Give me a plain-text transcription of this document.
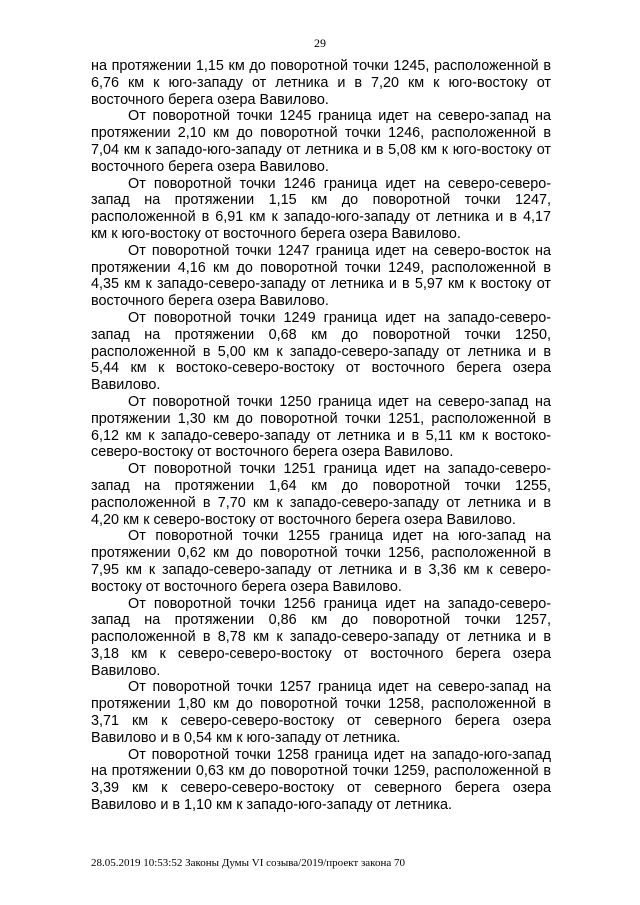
29

на протяжении 1,15 км до поворотной точки 1245, расположенной в 6,76 км к юго-западу от летника и в 7,20 км к юго-востоку от восточного берега озера Вавилово.

От поворотной точки 1245 граница идет на северо-запад на протяжении 2,10 км до поворотной точки 1246, расположенной в 7,04 км к западо-юго-западу от летника и в 5,08 км к юго-востоку от восточного берега озера Вавилово.

От поворотной точки 1246 граница идет на северо-северо-запад на протяжении 1,15 км до поворотной точки 1247, расположенной в 6,91 км к западо-юго-западу от летника и в 4,17 км к юго-востоку от восточного берега озера Вавилово.

От поворотной точки 1247 граница идет на северо-восток на протяжении 4,16 км до поворотной точки 1249, расположенной в 4,35 км к западо-северо-западу от летника и в 5,97 км к востоку от восточного берега озера Вавилово.

От поворотной точки 1249 граница идет на западо-северо-запад на протяжении 0,68 км до поворотной точки 1250, расположенной в 5,00 км к западо-северо-западу от летника и в 5,44 км к востоко-северо-востоку от восточного берега озера Вавилово.

От поворотной точки 1250 граница идет на северо-запад на протяжении 1,30 км до поворотной точки 1251, расположенной в 6,12 км к западо-северо-западу от летника и в 5,11 км к востоко-северо-востоку от восточного берега озера Вавилово.

От поворотной точки 1251 граница идет на западо-северо-запад на протяжении 1,64 км до поворотной точки 1255, расположенной в 7,70 км к западо-северо-западу от летника и в 4,20 км к северо-востоку от восточного берега озера Вавилово.

От поворотной точки 1255 граница идет на юго-запад на протяжении 0,62 км до поворотной точки 1256, расположенной в 7,95 км к западо-северо-западу от летника и в 3,36 км к северо-востоку от восточного берега озера Вавилово.

От поворотной точки 1256 граница идет на западо-северо-запад на протяжении 0,86 км до поворотной точки 1257, расположенной в 8,78 км к западо-северо-западу от летника и в 3,18 км к северо-северо-востоку от восточного берега озера Вавилово.

От поворотной точки 1257 граница идет на северо-запад на протяжении 1,80 км до поворотной точки 1258, расположенной в 3,71 км к северо-северо-востоку от северного берега озера Вавилово и в 0,54 км к юго-западу от летника.

От поворотной точки 1258 граница идет на западо-юго-запад на протяжении 0,63 км до поворотной точки 1259, расположенной в 3,39 км к северо-северо-востоку от северного берега озера Вавилово и в 1,10 км к западо-юго-западу от летника.

28.05.2019 10:53:52 Законы Думы VI созыва/2019/проект закона 70
